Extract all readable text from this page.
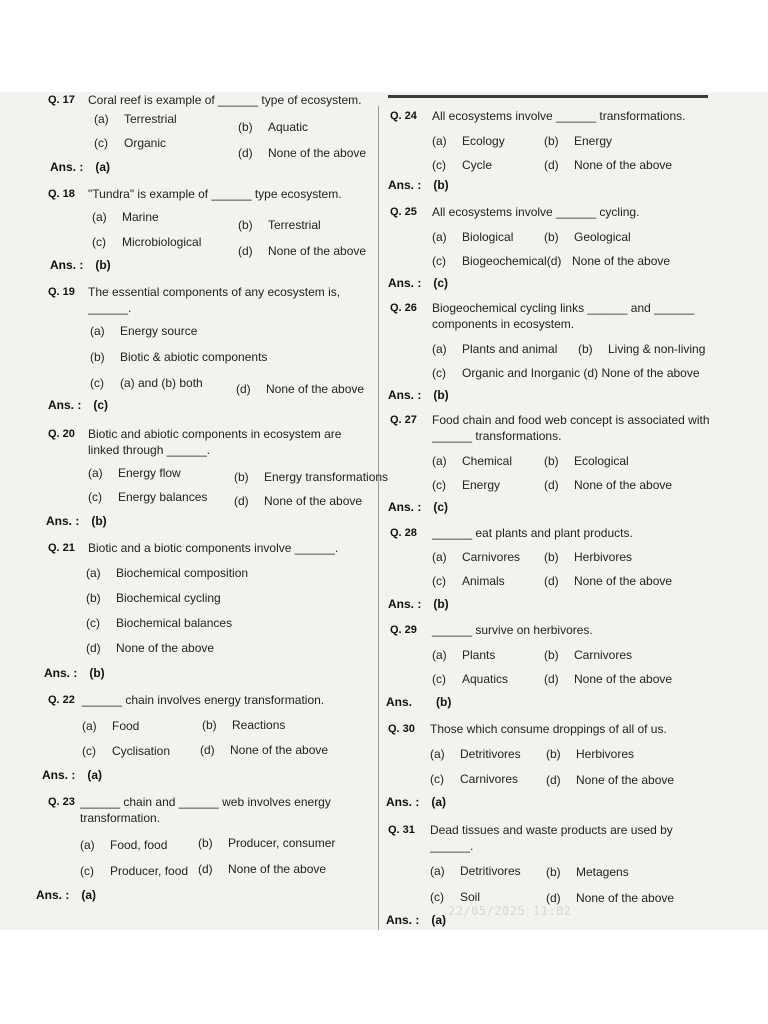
Q. 17	Coral reef is example of ______ type of ecosystem.
(a) Terrestrial
(b) Aquatic
(c) Organic
(d) None of the above
Ans. : (a)
Q. 18	"Tundra" is example of ______ type ecosystem.
(a) Marine
(b) Terrestrial
(c) Microbiological
(d) None of the above
Ans. : (b)
Q. 19	The essential components of any ecosystem is, ______.
(a) Energy source
(b) Biotic & abiotic components
(c) (a) and (b) both	(d) None of the above
Ans. : (c)
Q. 20	Biotic and abiotic components in ecosystem are linked through ______.
(a) Energy flow	(b) Energy transformations
(c) Energy balances (d) None of the above
Ans. : (b)
Q. 21	Biotic and a biotic components involve ______.
(a) Biochemical composition
(b) Biochemical cycling
(c) Biochemical balances
(d) None of the above
Ans. : (b)
Q. 22 ______ chain involves energy transformation.
(a) Food	(b) Reactions
(c) Cyclisation (d) None of the above
Ans. : (a)
Q. 23 ______ chain and ______ web involves energy transformation.
(a) Food, food	(b) Producer, consumer
(c) Producer, food (d) None of the above
Ans. : (a)
Q. 24	All ecosystems involve ______ transformations.
(a) Ecology	(b) Energy
(c) Cycle	(d) None of the above
Ans. : (b)
Q. 25	All ecosystems involve ______ cycling.
(a) Biological	(b) Geological
(c) Biogeochemical(d) None of the above
Ans. : (c)
Q. 26	Biogeochemical cycling links ______ and ______ components in ecosystem.
(a) Plants and animal (b) Living & non-living
(c) Organic and Inorganic (d) None of the above
Ans. : (b)
Q. 27	Food chain and food web concept is associated with ______ transformations.
(a) Chemical	(b) Ecological
(c) Energy	(d) None of the above
Ans. : (c)
Q. 28	______ eat plants and plant products.
(a) Carnivores (b) Herbivores
(c) Animals	(d) None of the above
Ans. : (b)
Q. 29	______ survive on herbivores.
(a) Plants	(b) Carnivores
(c) Aquatics	(d) None of the above
Ans. (b)
Q. 30	Those which consume droppings of all of us.
(a) Detritivores (b) Herbivores
(c) Carnivores (d) None of the above
Ans. : (a)
Q. 31	Dead tissues and waste products are used by ______.
(a) Detritivores (b) Metagens
(c) Soil	(d) None of the above
Ans. : (a)
22/05/2025 11:02
